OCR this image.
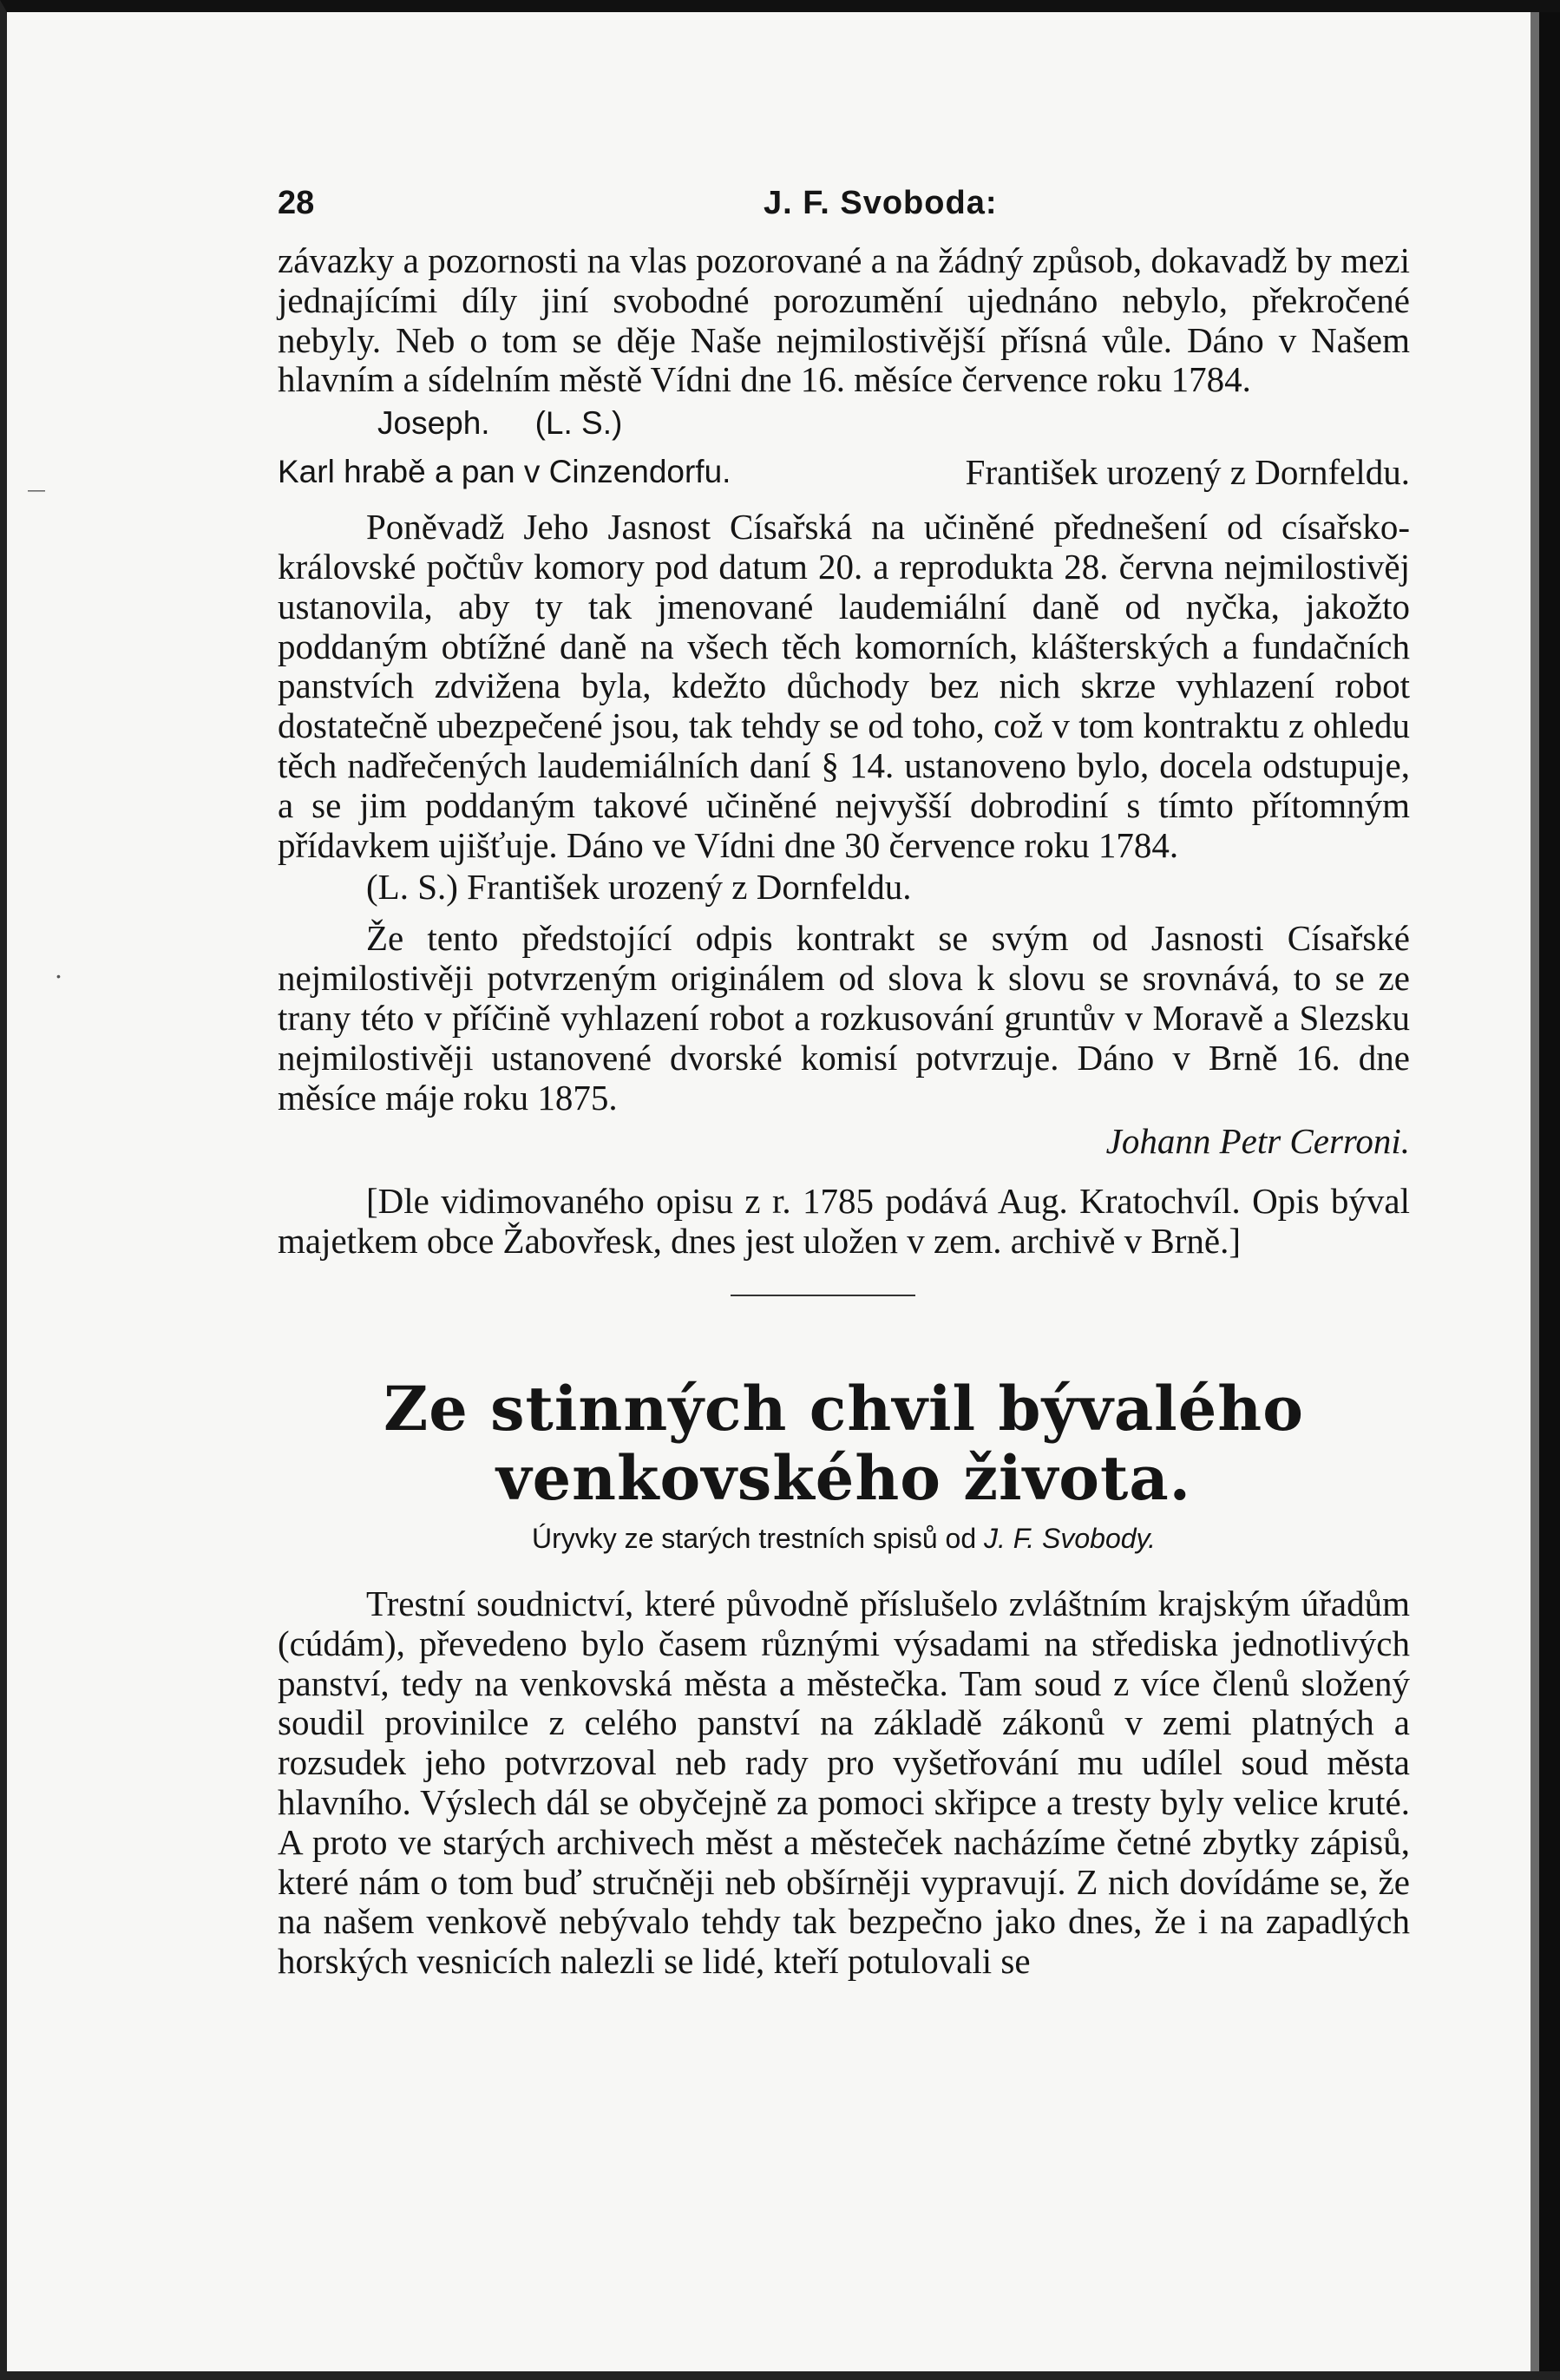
—
•
28	J. F. Svoboda:

závazky a pozornosti na vlas pozorované a na žádný způsob, dokavadž by mezi jednajícími díly jiní svobodné porozumění ujednáno nebylo, překročené nebyly. Neb o tom se děje Naše nejmilostivější přísná vůle. Dáno v Našem hlavním a sídelním městě Vídni dne 16. měsíce července roku 1784.

Joseph. (L. S.)
Karl hrabě a pan v Cinzendorfu.	František urozený z Dornfeldu.

Poněvadž Jeho Jasnost Císařská na učiněné přednešení od císařsko-královské počtův komory pod datum 20. a reprodukta 28. června nejmilostivěj ustanovila, aby ty tak jmenované laudemiální daně od nyčka, jakožto poddaným obtížné daně na všech těch komorních, klášterských a fundačních panstvích zdvižena byla, kdežto důchody bez nich skrze vyhlazení robot dostatečně ubezpečené jsou, tak tehdy se od toho, což v tom kontraktu z ohledu těch nadřečených laudemiálních daní § 14. ustanoveno bylo, docela odstupuje, a se jim poddaným takové učiněné nejvyšší dobrodiní s tímto přítomným přídavkem ujišťuje. Dáno ve Vídni dne 30 července roku 1784.

(L. S.) František urozený z Dornfeldu.

Že tento předstojící odpis kontrakt se svým od Jasnosti Císařské nejmilostivěji potvrzeným originálem od slova k slovu se srovnává, to se ze trany této v příčině vyhlazení robot a rozkusování gruntův v Moravě a Slezsku nejmilostivěji ustanovené dvorské komisí potvrzuje. Dáno v Brně 16. dne měsíce máje roku 1875.

Johann Petr Cerroni.

[Dle vidimovaného opisu z r. 1785 podává Aug. Kratochvíl. Opis býval majetkem obce Žabovřesk, dnes jest uložen v zem. archivě v Brně.]

Ze stinných chvil bývalého
venkovského života.
Úryvky ze starých trestních spisů od J. F. Svobody.

Trestní soudnictví, které původně příslušelo zvláštním krajským úřadům (cúdám), převedeno bylo časem různými výsadami na střediska jednotlivých panství, tedy na venkovská města a městečka. Tam soud z více členů složený soudil provinilce z celého panství na základě zákonů v zemi platných a rozsudek jeho potvrzoval neb rady pro vyšetřování mu udílel soud města hlavního. Výslech dál se obyčejně za pomoci skřipce a tresty byly velice kruté. A proto ve starých archivech měst a městeček nacházíme četné zbytky zápisů, které nám o tom buď stručněji neb obšírněji vypravují. Z nich dovídáme se, že na našem venkově nebývalo tehdy tak bezpečno jako dnes, že i na zapadlých horských vesnicích nalezli se lidé, kteří potulovali se
